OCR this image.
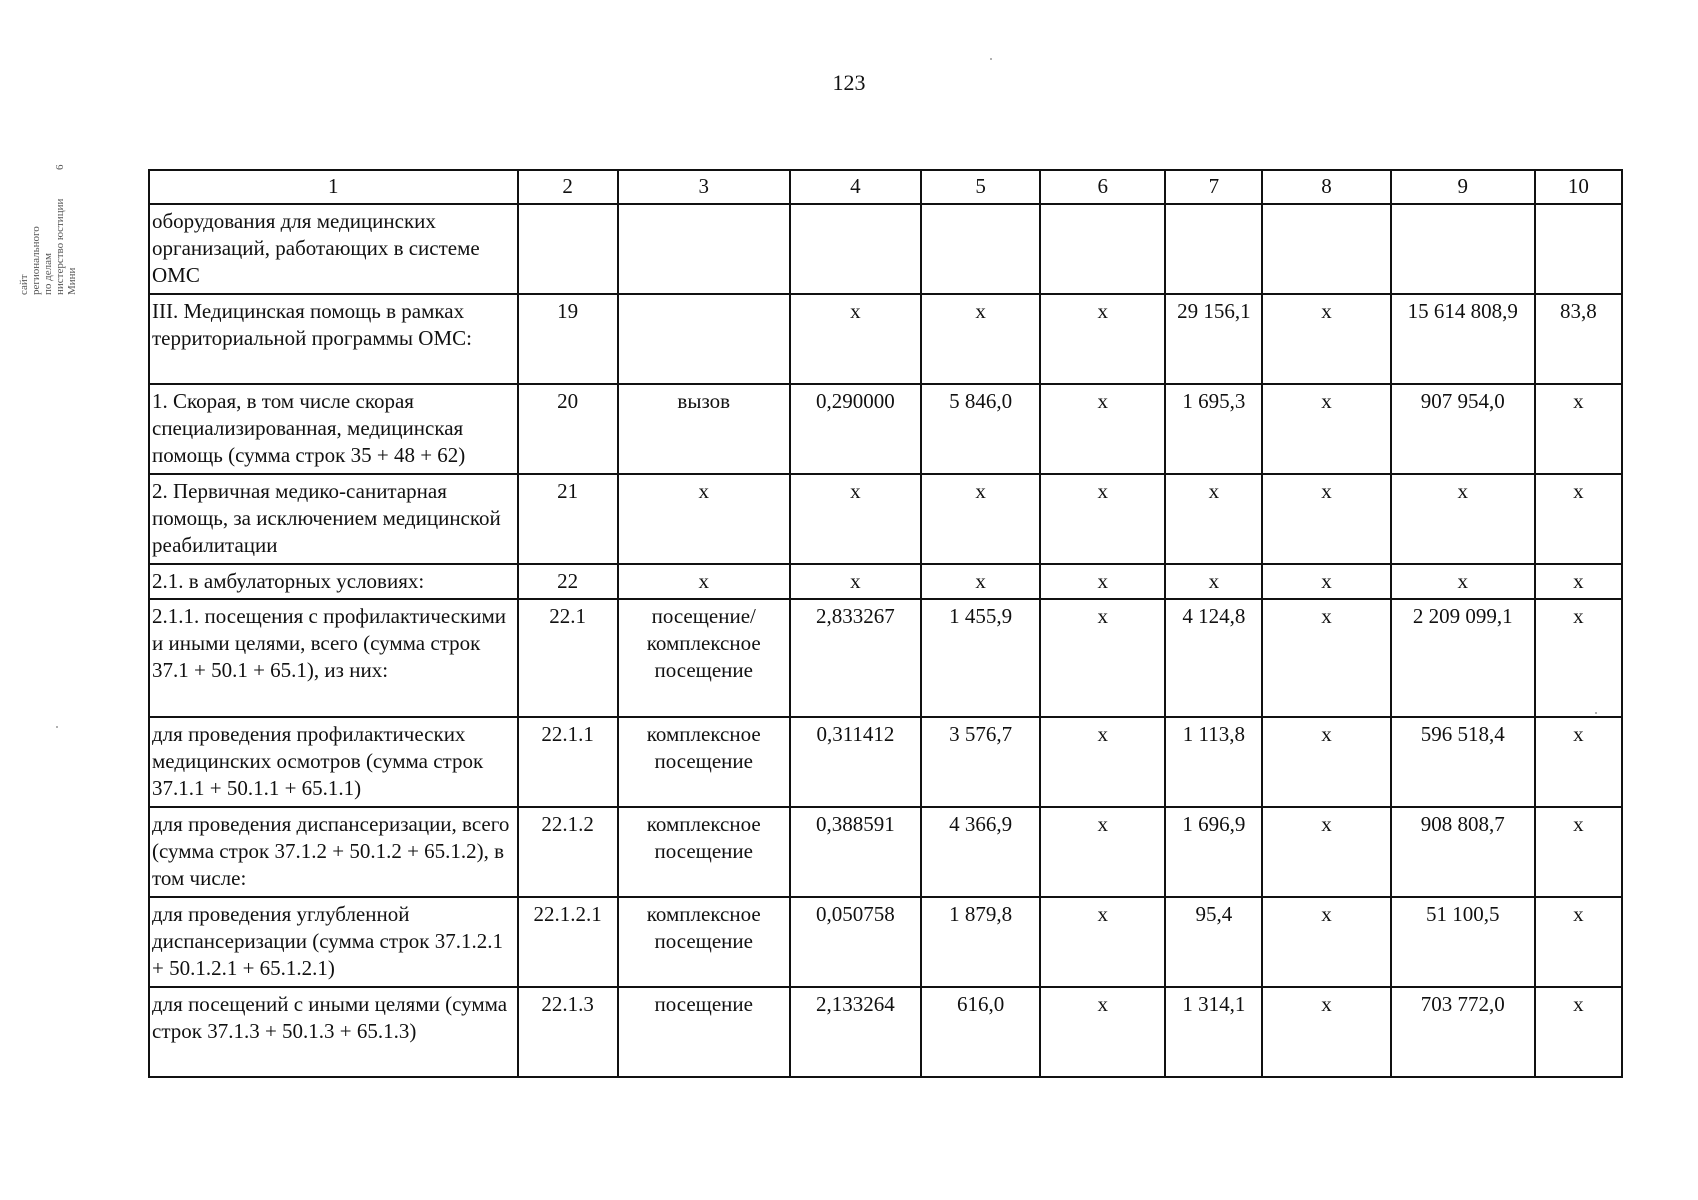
123
Мини
нистерство юстиции
по делам
регионального
сайт
6
1	2	3	4	5	6	7	8	9	10
оборудования для медицинских организаций, работающих в системе ОМС									
III. Медицинская помощь в рамках территориальной программы ОМС:	19		х	х	х	29 156,1	х	15 614 808,9	83,8
1. Скорая, в том числе скорая специализированная, медицинская помощь (сумма строк 35 + 48 + 62)	20	вызов	0,290000	5 846,0	х	1 695,3	х	907 954,0	х
2. Первичная медико-санитарная помощь, за исключением медицинской реабилитации	21	х	х	х	х	х	х	х	х
2.1. в амбулаторных условиях:	22	х	х	х	х	х	х	х	х
2.1.1. посещения с профилактическими и иными целями, всего (сумма строк 37.1 + 50.1 + 65.1), из них:	22.1	посещение/ комплексное посещение	2,833267	1 455,9	х	4 124,8	х	2 209 099,1	х
для проведения профилактических медицинских осмотров (сумма строк 37.1.1 + 50.1.1 + 65.1.1)	22.1.1	комплексное посещение	0,311412	3 576,7	х	1 113,8	х	596 518,4	х
для проведения диспансеризации, всего (сумма строк 37.1.2 + 50.1.2 + 65.1.2), в том числе:	22.1.2	комплексное посещение	0,388591	4 366,9	х	1 696,9	х	908 808,7	х
для проведения углубленной диспансеризации (сумма строк 37.1.2.1 + 50.1.2.1 + 65.1.2.1)	22.1.2.1	комплексное посещение	0,050758	1 879,8	х	95,4	х	51 100,5	х
для посещений с иными целями (сумма строк 37.1.3 + 50.1.3 + 65.1.3)	22.1.3	посещение	2,133264	616,0	х	1 314,1	х	703 772,0	х
